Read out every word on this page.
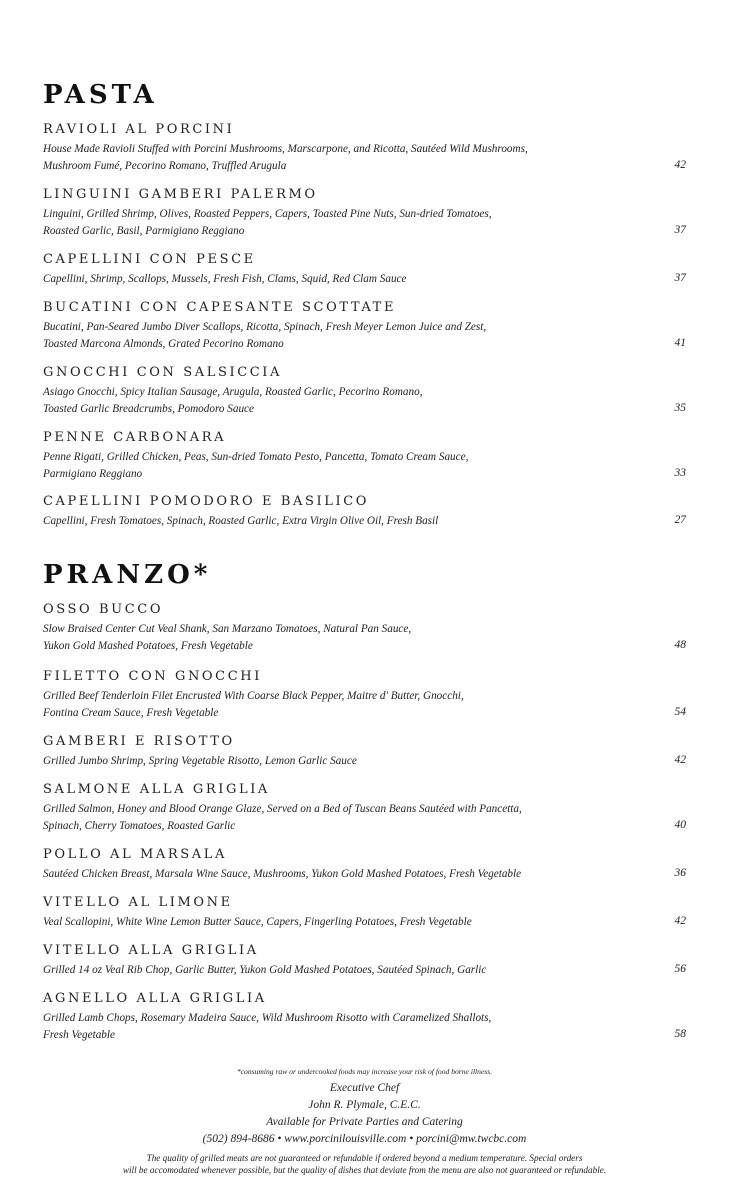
PASTA
RAVIOLI AL PORCINI
House Made Ravioli Stuffed with Porcini Mushrooms, Marscarpone, and Ricotta, Sautéed Wild Mushrooms,
Mushroom Fumé, Pecorino Romano, Truffled Arugula	42
LINGUINI GAMBERI PALERMO
Linguini, Grilled Shrimp, Olives, Roasted Peppers, Capers, Toasted Pine Nuts, Sun-dried Tomatoes,
Roasted Garlic, Basil, Parmigiano Reggiano	37
CAPELLINI CON PESCE
Capellini, Shrimp, Scallops, Mussels, Fresh Fish, Clams, Squid, Red Clam Sauce	37
BUCATINI CON CAPESANTE SCOTTATE
Bucatini, Pan-Seared Jumbo Diver Scallops, Ricotta, Spinach, Fresh Meyer Lemon Juice and Zest,
Toasted Marcona Almonds, Grated Pecorino Romano	41
GNOCCHI CON SALSICCIA
Asiago Gnocchi, Spicy Italian Sausage, Arugula, Roasted Garlic, Pecorino Romano,
Toasted Garlic Breadcrumbs, Pomodoro Sauce	35
PENNE CARBONARA
Penne Rigati, Grilled Chicken, Peas, Sun-dried Tomato Pesto, Pancetta, Tomato Cream Sauce,
Parmigiano Reggiano	33
CAPELLINI POMODORO E BASILICO
Capellini, Fresh Tomatoes, Spinach, Roasted Garlic, Extra Virgin Olive Oil, Fresh Basil	27
PRANZO*
OSSO BUCCO
Slow Braised Center Cut Veal Shank, San Marzano Tomatoes, Natural Pan Sauce,
Yukon Gold Mashed Potatoes, Fresh Vegetable	48
FILETTO CON GNOCCHI
Grilled Beef Tenderloin Filet Encrusted With Coarse Black Pepper, Maitre d' Butter, Gnocchi,
Fontina Cream Sauce, Fresh Vegetable	54
GAMBERI E RISOTTO
Grilled Jumbo Shrimp, Spring Vegetable Risotto, Lemon Garlic Sauce	42
SALMONE ALLA GRIGLIA
Grilled Salmon, Honey and Blood Orange Glaze, Served on a Bed of Tuscan Beans Sautéed with Pancetta,
Spinach, Cherry Tomatoes, Roasted Garlic	40
POLLO AL MARSALA
Sautéed Chicken Breast, Marsala Wine Sauce, Mushrooms, Yukon Gold Mashed Potatoes, Fresh Vegetable	36
VITELLO AL LIMONE
Veal Scallopini, White Wine Lemon Butter Sauce, Capers, Fingerling Potatoes, Fresh Vegetable	42
VITELLO ALLA GRIGLIA
Grilled 14 oz Veal Rib Chop, Garlic Butter, Yukon Gold Mashed Potatoes, Sautéed Spinach, Garlic	56
AGNELLO ALLA GRIGLIA
Grilled Lamb Chops, Rosemary Madeira Sauce, Wild Mushroom Risotto with Caramelized Shallots,
Fresh Vegetable	58
*consuming raw or undercooked foods may increase your risk of food borne illness.
Executive Chef
John R. Plymale, C.E.C.
Available for Private Parties and Catering
(502) 894-8686 • www.porcinilouisville.com • porcini@mw.twcbc.com
The quality of grilled meats are not guaranteed or refundable if ordered beyond a medium temperature. Special orders
will be accomodated whenever possible, but the quality of dishes that deviate from the menu are also not guaranteed or refundable.
